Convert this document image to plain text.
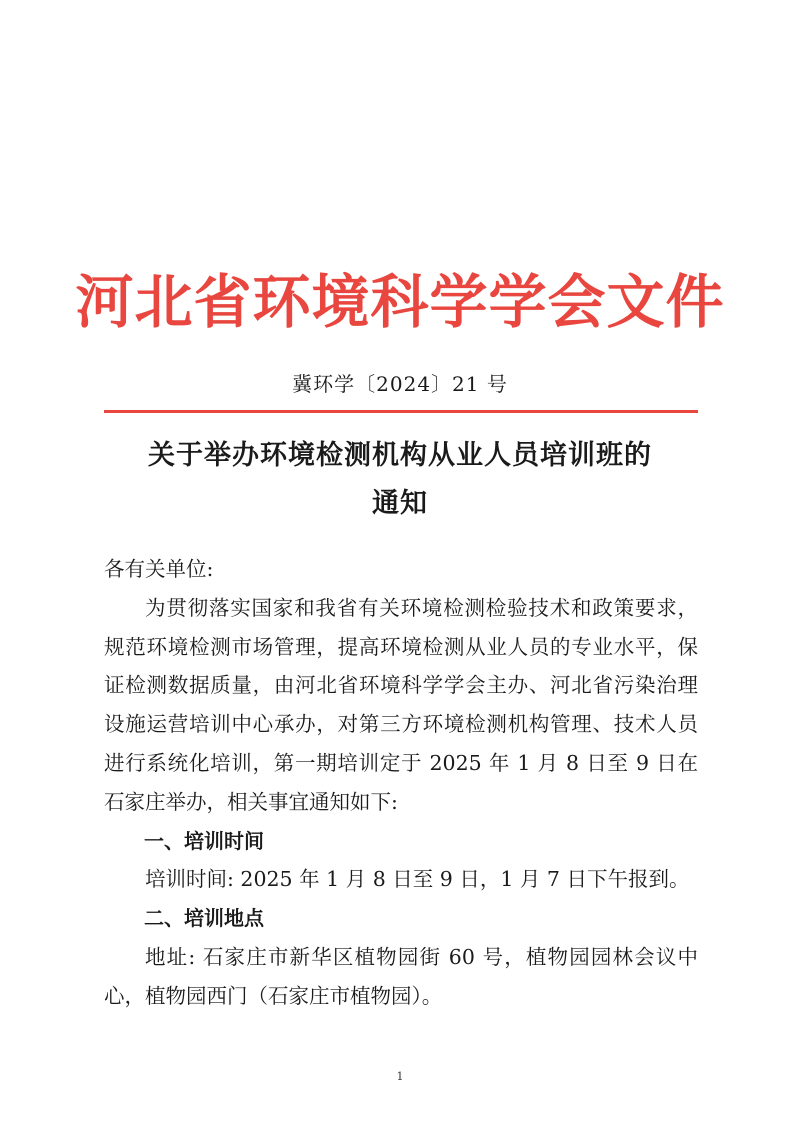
河北省环境科学学会文件
冀环学〔2024〕21 号
关于举办环境检测机构从业人员培训班的
通知

各有关单位:

为贯彻落实国家和我省有关环境检测检验技术和政策要求，规范环境检测市场管理，提高环境检测从业人员的专业水平，保证检测数据质量，由河北省环境科学学会主办、河北省污染治理设施运营培训中心承办，对第三方环境检测机构管理、技术人员进行系统化培训，第一期培训定于 2025 年 1 月 8 日至 9 日在石家庄举办，相关事宜通知如下:

一、培训时间

培训时间: 2025 年 1 月 8 日至 9 日，1 月 7 日下午报到。

二、培训地点

地址: 石家庄市新华区植物园街 60 号，植物园园林会议中心，植物园西门（石家庄市植物园）。

1
